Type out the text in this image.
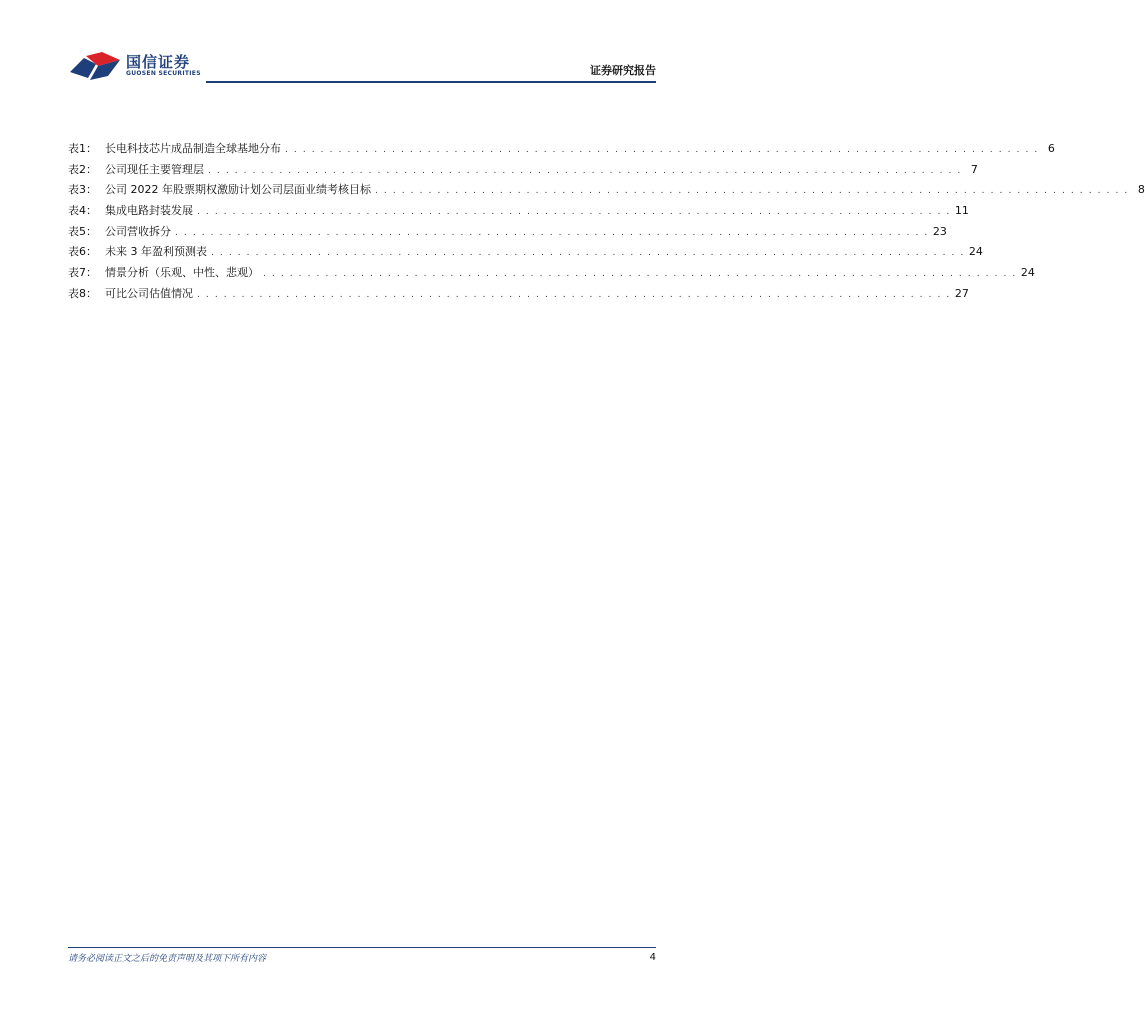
国信证券
GUOSEN SECURITIES	证券研究报告
表1： 长电科技芯片成品制造全球基地分布 . . . . . . . . . . . . . . . . . . . . . . . . . . . . . . . . . . . . . . . . . . . . . . . . . . . . . . . . . . . . . . . . . . . . . . . . . . . . . . . . . . . . . 6
表2： 公司现任主要管理层 . . . . . . . . . . . . . . . . . . . . . . . . . . . . . . . . . . . . . . . . . . . . . . . . . . . . . . . . . . . . . . . . . . . . . . . . . . . . . . . . . . . . . 7
表3： 公司 2022 年股票期权激励计划公司层面业绩考核目标 . . . . . . . . . . . . . . . . . . . . . . . . . . . . . . . . . . . . . . . . . . . . . . . . . . . . . . . . . . . . . . . . . . . . . . . . . . . . . . . . . . . . . 8
表4： 集成电路封装发展 . . . . . . . . . . . . . . . . . . . . . . . . . . . . . . . . . . . . . . . . . . . . . . . . . . . . . . . . . . . . . . . . . . . . . . . . . . . . . . . . . . . . . 11
表5： 公司营收拆分 . . . . . . . . . . . . . . . . . . . . . . . . . . . . . . . . . . . . . . . . . . . . . . . . . . . . . . . . . . . . . . . . . . . . . . . . . . . . . . . . . . . . . 23
表6： 未来 3 年盈利预测表 . . . . . . . . . . . . . . . . . . . . . . . . . . . . . . . . . . . . . . . . . . . . . . . . . . . . . . . . . . . . . . . . . . . . . . . . . . . . . . . . . . . . . 24
表7： 情景分析（乐观、中性、悲观） . . . . . . . . . . . . . . . . . . . . . . . . . . . . . . . . . . . . . . . . . . . . . . . . . . . . . . . . . . . . . . . . . . . . . . . . . . . . . . . . . . . . . 24
表8： 可比公司估值情况 . . . . . . . . . . . . . . . . . . . . . . . . . . . . . . . . . . . . . . . . . . . . . . . . . . . . . . . . . . . . . . . . . . . . . . . . . . . . . . . . . . . . . 27
请务必阅读正文之后的免责声明及其项下所有内容	4
